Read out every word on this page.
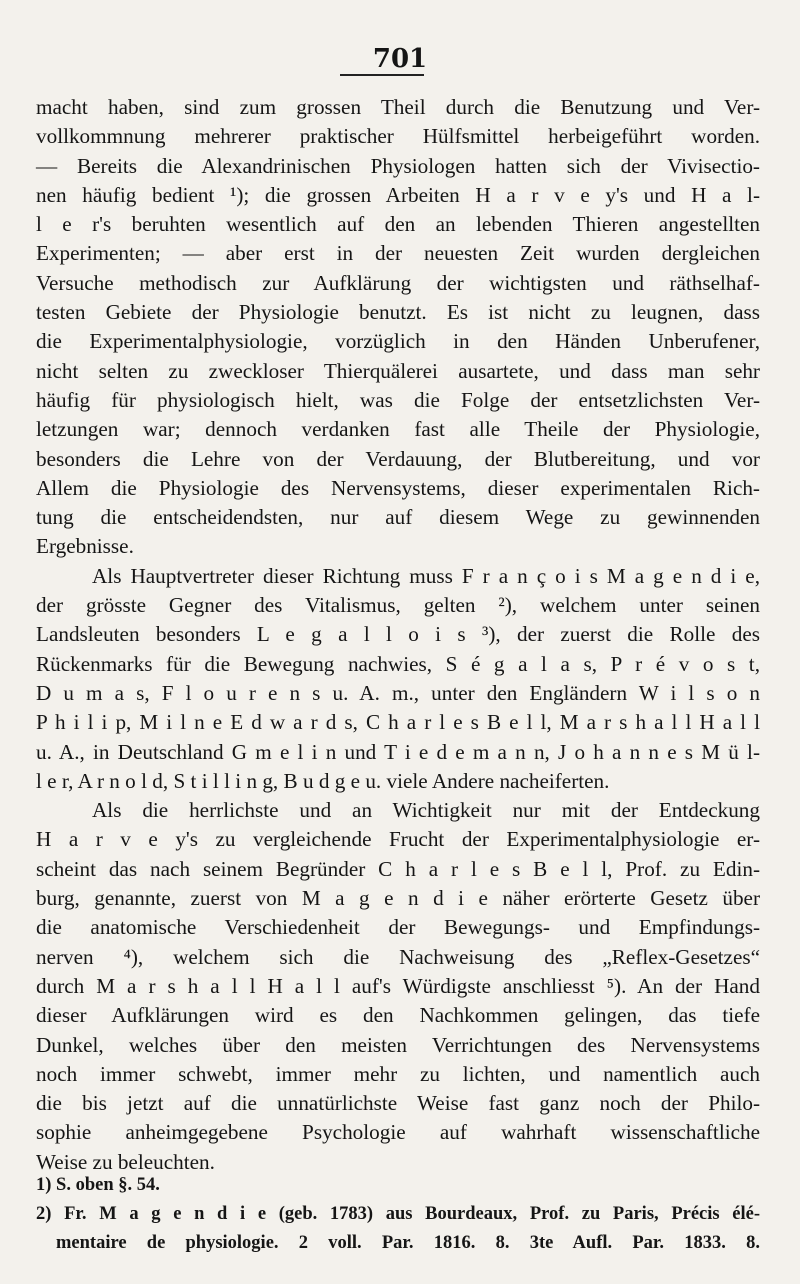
701
macht haben, sind zum grossen Theil durch die Benutzung und Ver-
vollkommnung mehrerer praktischer Hülfsmittel herbeigeführt worden.
— Bereits die Alexandrinischen Physiologen hatten sich der Vivisectio-
nen häufig bedient ¹); die grossen Arbeiten H a r v e y's und H a l-
l e r's beruhten wesentlich auf den an lebenden Thieren angestellten
Experimenten; — aber erst in der neuesten Zeit wurden dergleichen
Versuche methodisch zur Aufklärung der wichtigsten und räthselhaf-
testen Gebiete der Physiologie benutzt. Es ist nicht zu leugnen, dass
die Experimentalphysiologie, vorzüglich in den Händen Unberufener,
nicht selten zu zweckloser Thierquälerei ausartete, und dass man sehr
häufig für physiologisch hielt, was die Folge der entsetzlichsten Ver-
letzungen war; dennoch verdanken fast alle Theile der Physiologie,
besonders die Lehre von der Verdauung, der Blutbereitung, und vor
Allem die Physiologie des Nervensystems, dieser experimentalen Rich-
tung die entscheidendsten, nur auf diesem Wege zu gewinnenden
Ergebnisse.
Als Hauptvertreter dieser Richtung muss F r a n ç o i s M a g e n d i e,
der grösste Gegner des Vitalismus, gelten ²), welchem unter seinen
Landsleuten besonders L e g a l l o i s ³), der zuerst die Rolle des
Rückenmarks für die Bewegung nachwies, S é g a l a s, P r é v o s t,
D u m a s, F l o u r e n s u. A. m., unter den Engländern W i l s o n
P h i l i p, M i l n e E d w a r d s, C h a r l e s B e l l, M a r s h a l l H a l l
u. A., in Deutschland G m e l i n und T i e d e m a n n, J o h a n n e s M ü l-
l e r, A r n o l d, S t i l l i n g, B u d g e u. viele Andere nacheiferten.
Als die herrlichste und an Wichtigkeit nur mit der Entdeckung
H a r v e y's zu vergleichende Frucht der Experimentalphysiologie er-
scheint das nach seinem Begründer C h a r l e s B e l l, Prof. zu Edin-
burg, genannte, zuerst von M a g e n d i e näher erörterte Gesetz über
die anatomische Verschiedenheit der Bewegungs- und Empfindungs-
nerven ⁴), welchem sich die Nachweisung des „Reflex-Gesetzes“
durch M a r s h a l l H a l l auf's Würdigste anschliesst ⁵). An der Hand
dieser Aufklärungen wird es den Nachkommen gelingen, das tiefe
Dunkel, welches über den meisten Verrichtungen des Nervensystems
noch immer schwebt, immer mehr zu lichten, und namentlich auch
die bis jetzt auf die unnatürlichste Weise fast ganz noch der Philo-
sophie anheimgegebene Psychologie auf wahrhaft wissenschaftliche
Weise zu beleuchten.
1) S. oben §. 54.
2) Fr. M a g e n d i e (geb. 1783) aus Bourdeaux, Prof. zu Paris, Précis élé-
mentaire de physiologie. 2 voll. Par. 1816. 8. 3te Aufl. Par. 1833. 8.
